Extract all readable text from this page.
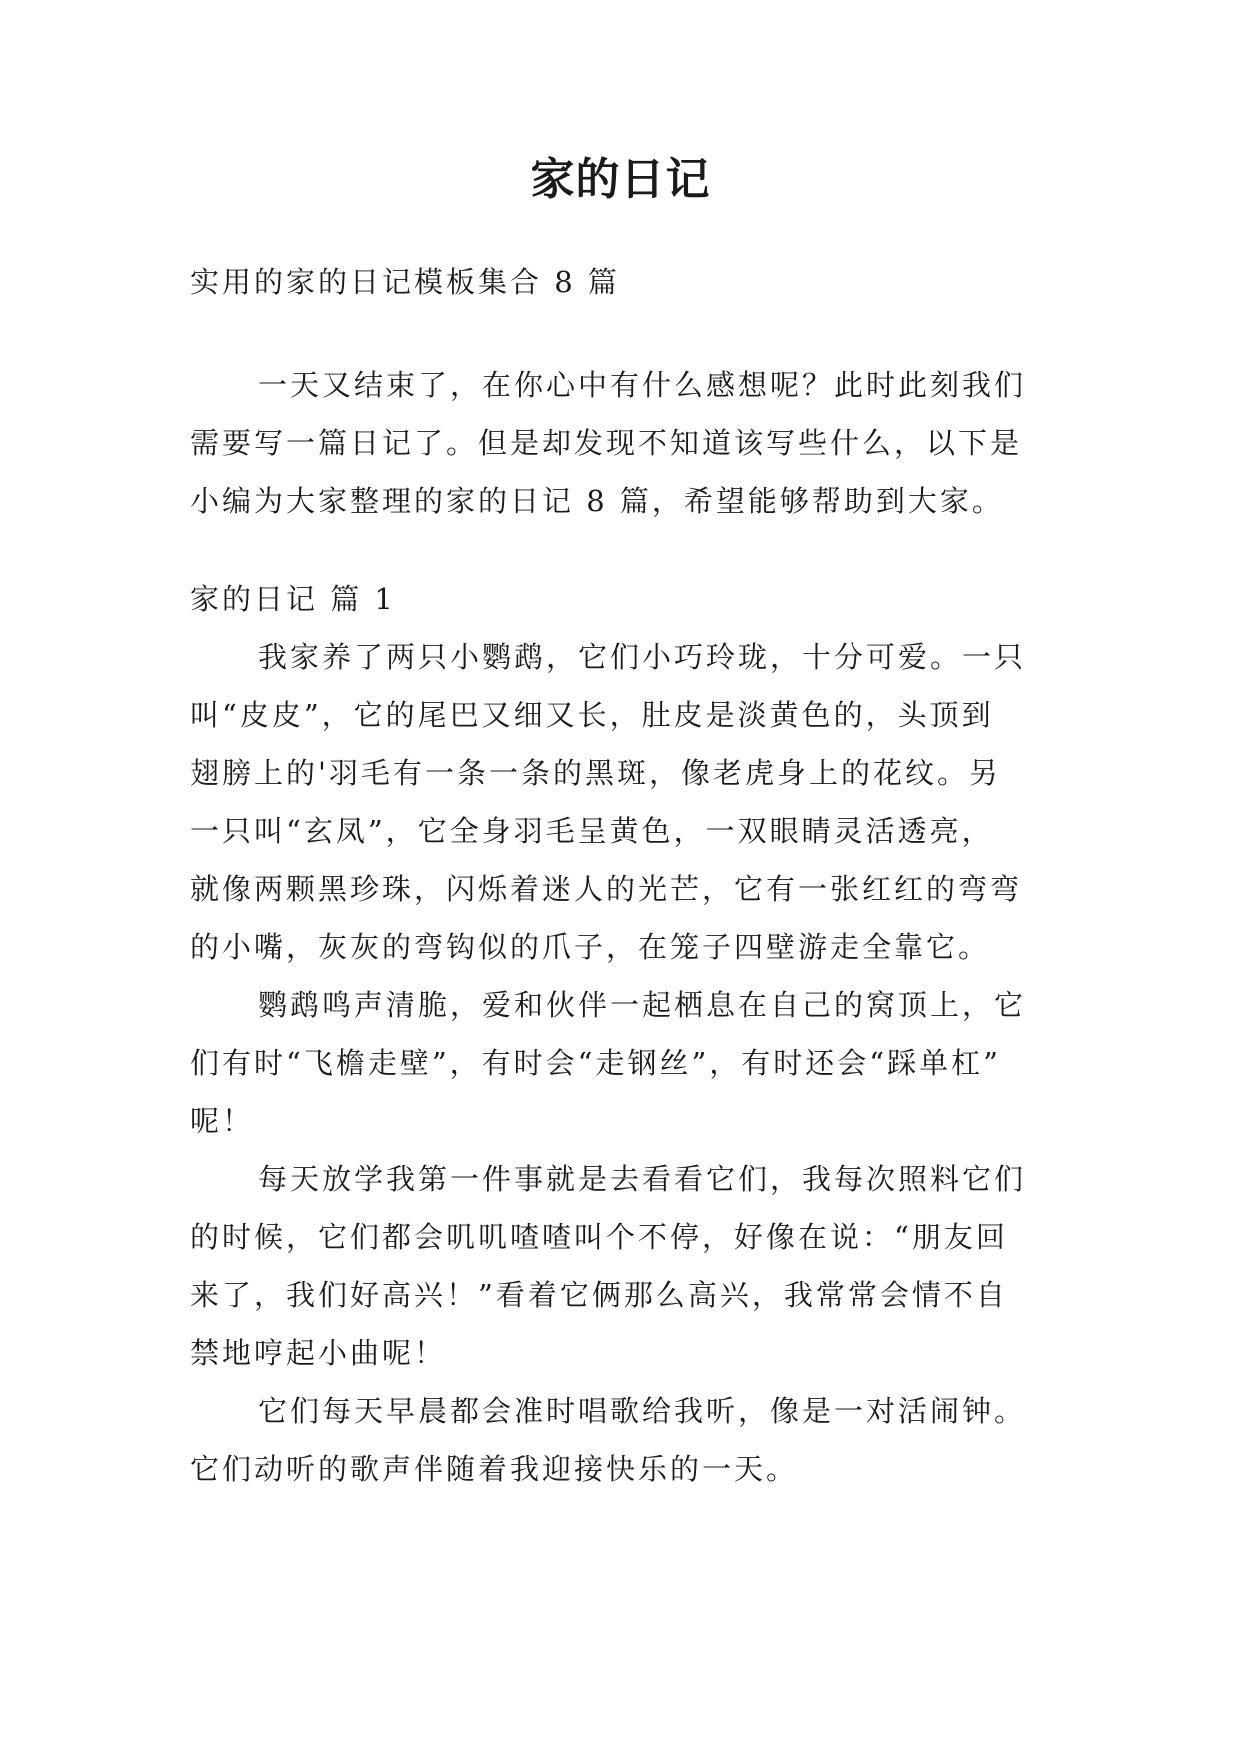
家的日记
实用的家的日记模板集合 8 篇
一天又结束了，在你心中有什么感想呢？此时此刻我们
需要写一篇日记了。但是却发现不知道该写些什么，以下是
小编为大家整理的家的日记 8 篇，希望能够帮助到大家。
家的日记 篇 1
我家养了两只小鹦鹉，它们小巧玲珑，十分可爱。一只
叫“皮皮”，它的尾巴又细又长，肚皮是淡黄色的，头顶到
翅膀上的'羽毛有一条一条的黑斑，像老虎身上的花纹。另
一只叫“玄凤”，它全身羽毛呈黄色，一双眼睛灵活透亮，
就像两颗黑珍珠，闪烁着迷人的光芒，它有一张红红的弯弯
的小嘴，灰灰的弯钩似的爪子，在笼子四壁游走全靠它。
鹦鹉鸣声清脆，爱和伙伴一起栖息在自己的窝顶上，它
们有时“飞檐走壁”，有时会“走钢丝”，有时还会“踩单杠”
呢！
每天放学我第一件事就是去看看它们，我每次照料它们
的时候，它们都会叽叽喳喳叫个不停，好像在说：“朋友回
来了，我们好高兴！”看着它俩那么高兴，我常常会情不自
禁地哼起小曲呢！
它们每天早晨都会准时唱歌给我听，像是一对活闹钟。
它们动听的歌声伴随着我迎接快乐的一天。
